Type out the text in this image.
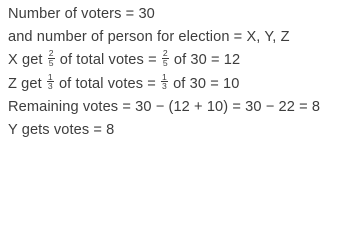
Number of voters = 30
and number of person for election = X, Y, Z
X get $\frac{2}{5}$ of total votes = $\frac{2}{5}$ of 30 = 12
Z get $\frac{1}{3}$ of total votes = $\frac{1}{3}$ of 30 = 10
Remaining votes = 30 − (12 + 10) = 30 − 22 = 8
Y gets votes = 8
